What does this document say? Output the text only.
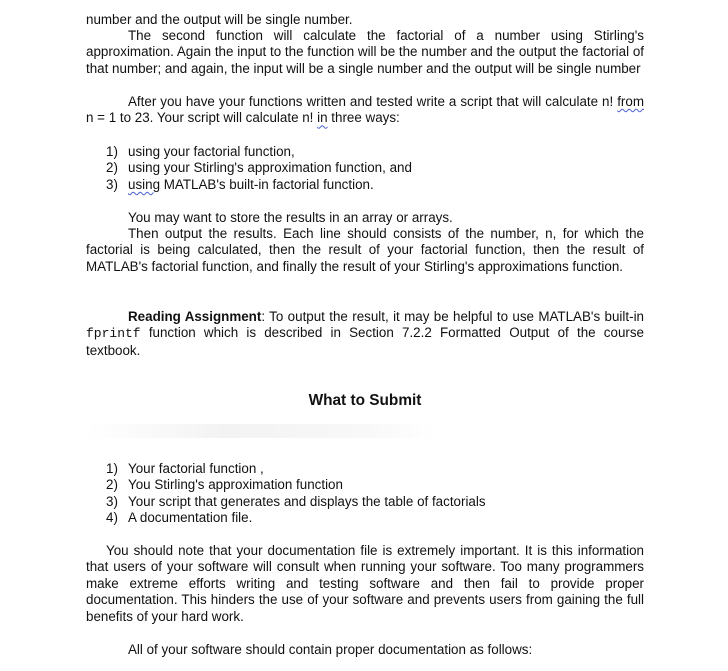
number and the output will be single number.

The second function will calculate the factorial of a number using Stirling's approximation. Again the input to the function will be the number and the output the factorial of that number; and again, the input will be a single number and the output will be single number

After you have your functions written and tested write a script that will calculate n! from n = 1 to 23. Your script will calculate n! in three ways:

1) using your factorial function,
2) using your Stirling's approximation function, and
3) using MATLAB's built-in factorial function.

You may want to store the results in an array or arrays.

Then output the results. Each line should consists of the number, n, for which the factorial is being calculated, then the result of your factorial function, then the result of MATLAB's factorial function, and finally the result of your Stirling's approximations function.

Reading Assignment: To output the result, it may be helpful to use MATLAB's built-in fprintf function which is described in Section 7.2.2 Formatted Output of the course textbook.

What to Submit
1) Your factorial function ,
2) You Stirling's approximation function
3) Your script that generates and displays the table of factorials
4) A documentation file.

You should note that your documentation file is extremely important. It is this information that users of your software will consult when running your software. Too many programmers make extreme efforts writing and testing software and then fail to provide proper documentation. This hinders the use of your software and prevents users from gaining the full benefits of your hard work.

All of your software should contain proper documentation as follows:
